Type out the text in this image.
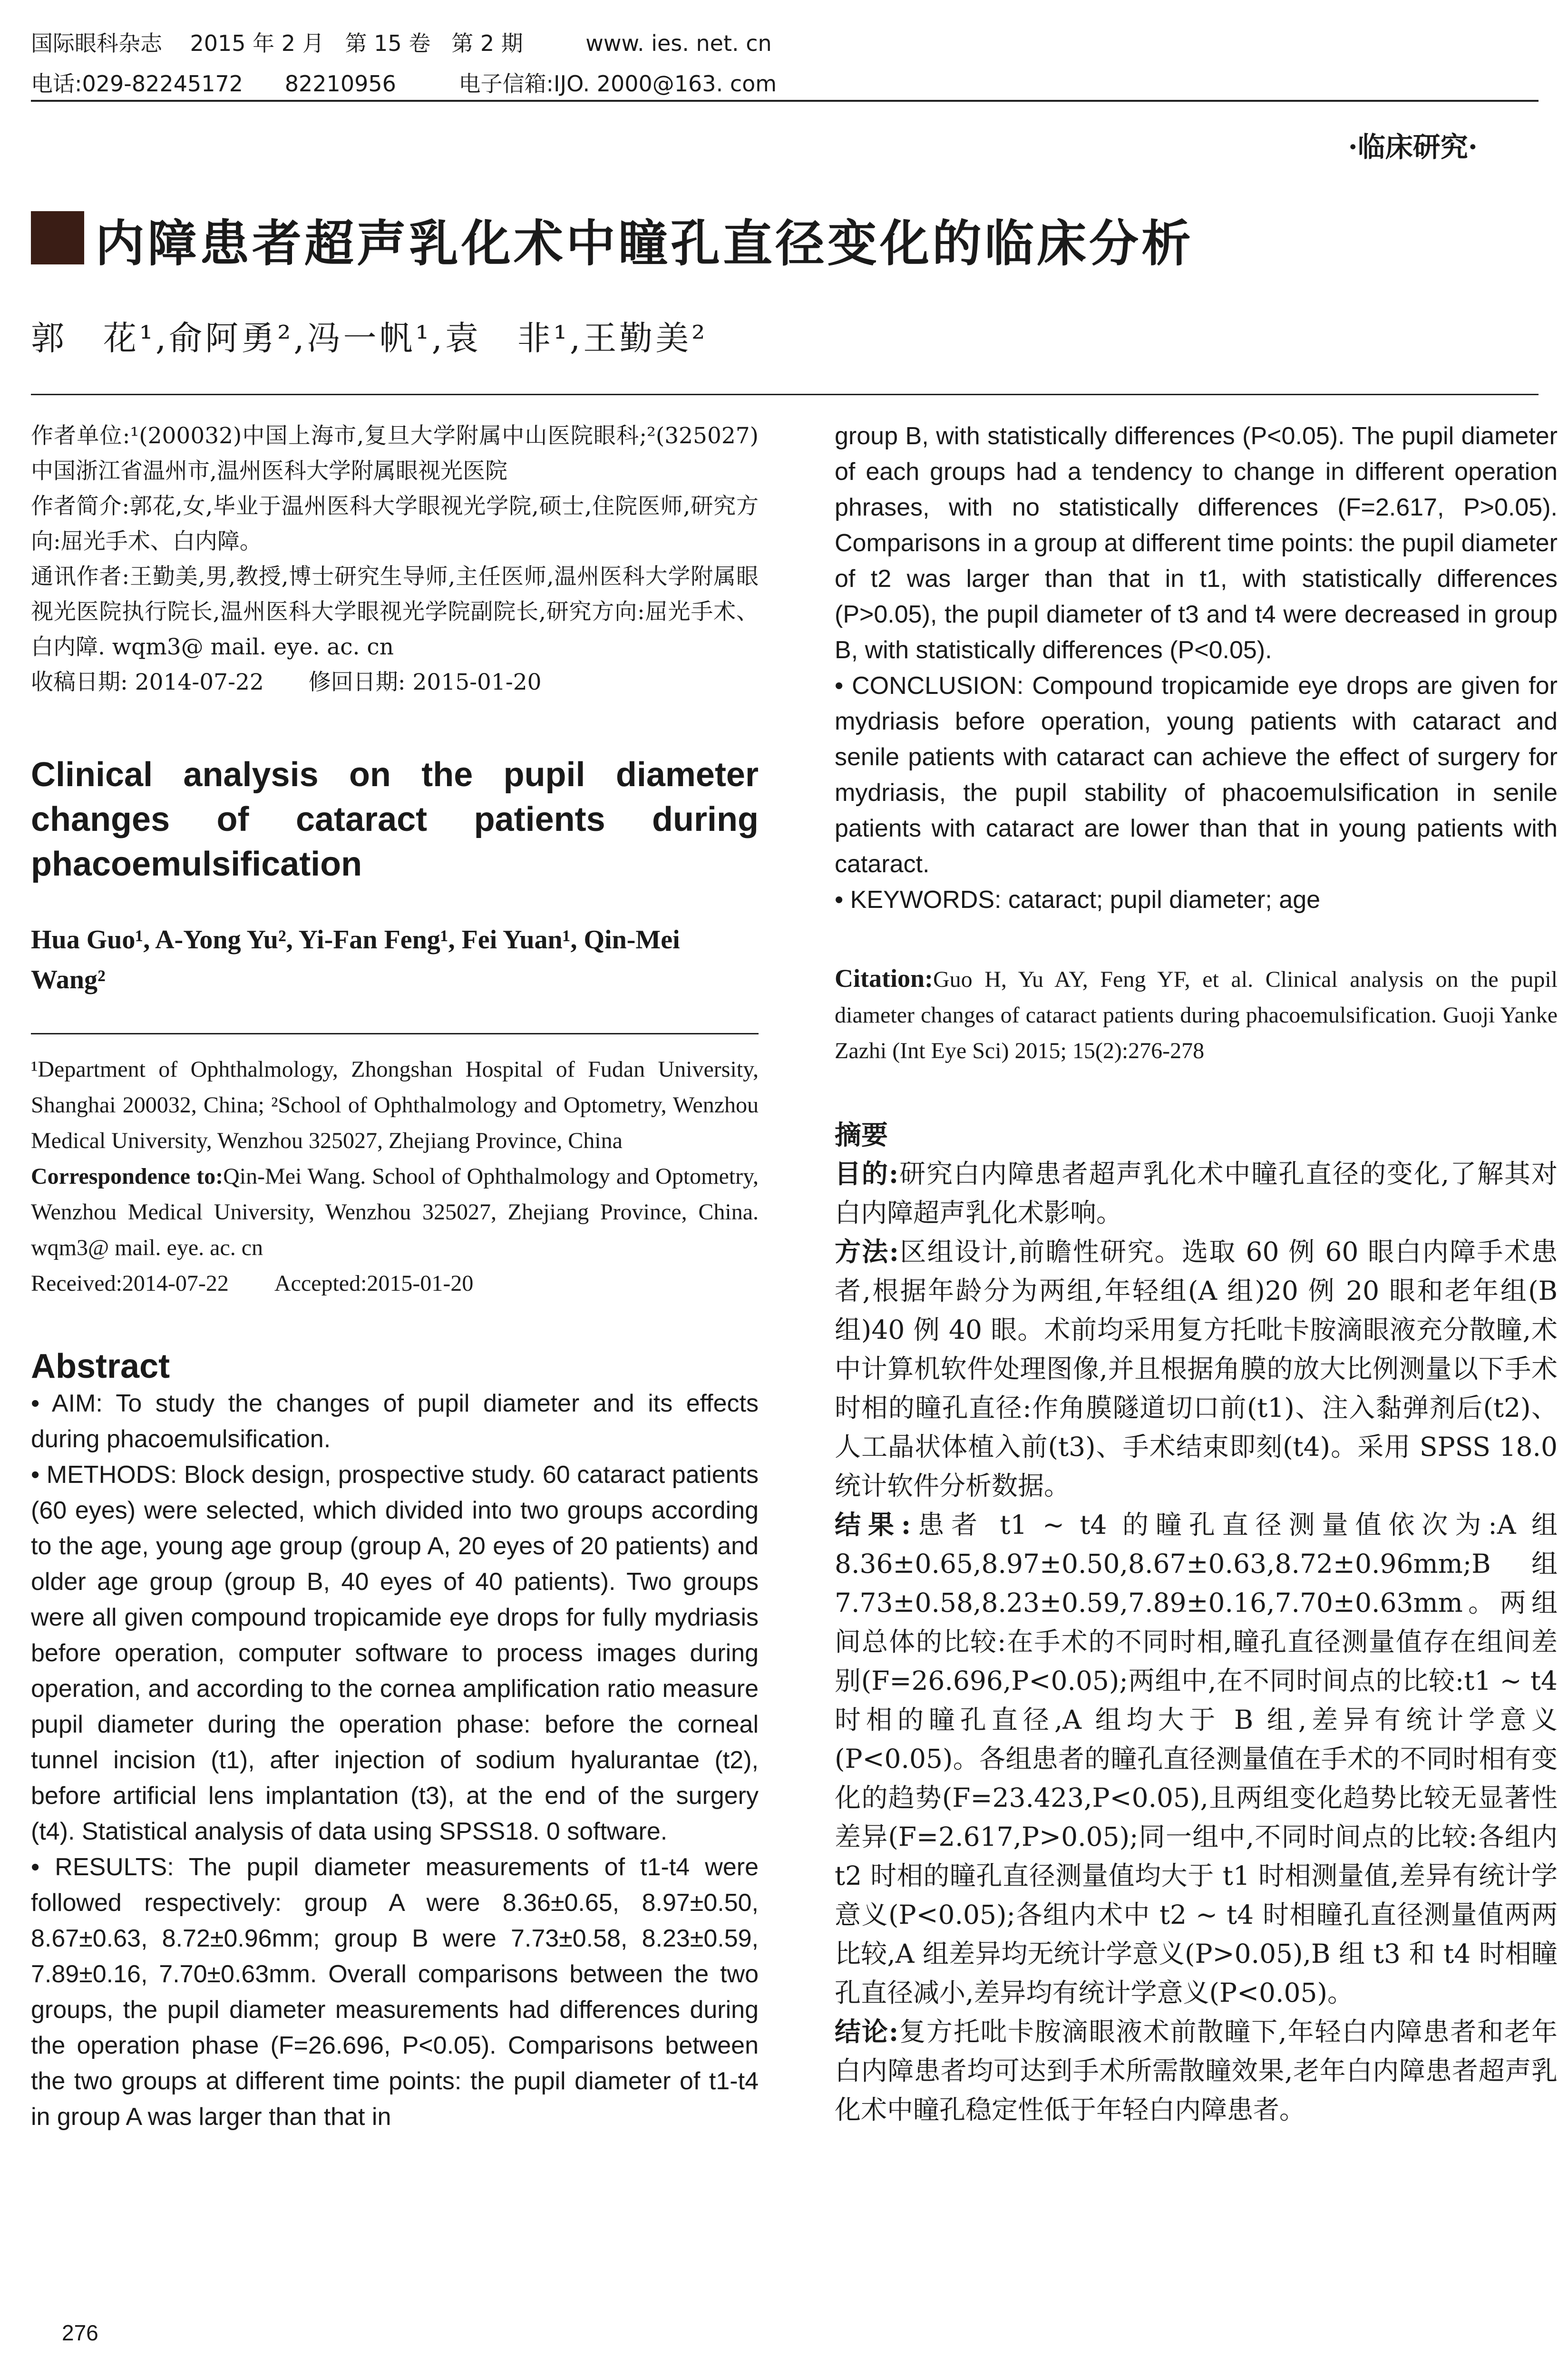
国际眼科杂志    2015 年 2 月   第 15 卷   第 2 期         www. ies. net. cn
电话:029-82245172      82210956         电子信箱:IJO. 2000@163. com
·临床研究·
白
内障患者超声乳化术中瞳孔直径变化的临床分析
郭　花¹,俞阿勇²,冯一帆¹,袁　非¹,王勤美²

作者单位:¹(200032)中国上海市,复旦大学附属中山医院眼科;²(325027)中国浙江省温州市,温州医科大学附属眼视光医院

作者简介:郭花,女,毕业于温州医科大学眼视光学院,硕士,住院医师,研究方向:屈光手术、白内障。

通讯作者:王勤美,男,教授,博士研究生导师,主任医师,温州医科大学附属眼视光医院执行院长,温州医科大学眼视光学院副院长,研究方向:屈光手术、白内障. wqm3@ mail. eye. ac. cn

收稿日期: 2014-07-22　　修回日期: 2015-01-20

Clinical analysis on the pupil diameter changes of cataract patients during phacoemulsification
Hua Guo¹, A-Yong Yu², Yi-Fan Feng¹, Fei Yuan¹, Qin-Mei Wang²

¹Department of Ophthalmology, Zhongshan Hospital of Fudan University, Shanghai 200032, China; ²School of Ophthalmology and Optometry, Wenzhou Medical University, Wenzhou 325027, Zhejiang Province, China

Correspondence to:Qin-Mei Wang. School of Ophthalmology and Optometry, Wenzhou Medical University, Wenzhou 325027, Zhejiang Province, China. wqm3@ mail. eye. ac. cn

Received:2014-07-22　　Accepted:2015-01-20

Abstract

• AIM: To study the changes of pupil diameter and its effects during phacoemulsification.

• METHODS: Block design, prospective study. 60 cataract patients (60 eyes) were selected, which divided into two groups according to the age, young age group (group A, 20 eyes of 20 patients) and older age group (group B, 40 eyes of 40 patients). Two groups were all given compound tropicamide eye drops for fully mydriasis before operation, computer software to process images during operation, and according to the cornea amplification ratio measure pupil diameter during the operation phase: before the corneal tunnel incision (t1), after injection of sodium hyalurantae (t2), before artificial lens implantation (t3), at the end of the surgery (t4). Statistical analysis of data using SPSS18. 0 software.

• RESULTS: The pupil diameter measurements of t1-t4 were followed respectively: group A were 8.36±0.65, 8.97±0.50, 8.67±0.63, 8.72±0.96mm; group B were 7.73±0.58, 8.23±0.59, 7.89±0.16, 7.70±0.63mm. Overall comparisons between the two groups, the pupil diameter measurements had differences during the operation phase (F=26.696, P<0.05). Comparisons between the two groups at different time points: the pupil diameter of t1-t4 in group A was larger than that in

group B, with statistically differences (P<0.05). The pupil diameter of each groups had a tendency to change in different operation phrases, with no statistically differences (F=2.617, P>0.05). Comparisons in a group at different time points: the pupil diameter of t2 was larger than that in t1, with statistically differences (P>0.05), the pupil diameter of t3 and t4 were decreased in group B, with statistically differences (P<0.05).

• CONCLUSION: Compound tropicamide eye drops are given for mydriasis before operation, young patients with cataract and senile patients with cataract can achieve the effect of surgery for mydriasis, the pupil stability of phacoemulsification in senile patients with cataract are lower than that in young patients with cataract.

• KEYWORDS: cataract; pupil diameter; age

Citation:Guo H, Yu AY, Feng YF, et al. Clinical analysis on the pupil diameter changes of cataract patients during phacoemulsification. Guoji Yanke Zazhi (Int Eye Sci) 2015; 15(2):276-278

摘要

目的:研究白内障患者超声乳化术中瞳孔直径的变化,了解其对白内障超声乳化术影响。

方法:区组设计,前瞻性研究。选取 60 例 60 眼白内障手术患者,根据年龄分为两组,年轻组(A 组)20 例 20 眼和老年组(B 组)40 例 40 眼。术前均采用复方托吡卡胺滴眼液充分散瞳,术中计算机软件处理图像,并且根据角膜的放大比例测量以下手术时相的瞳孔直径:作角膜隧道切口前(t1)、注入黏弹剂后(t2)、人工晶状体植入前(t3)、手术结束即刻(t4)。采用 SPSS 18.0 统计软件分析数据。

结果:患者 t1 ~ t4 的瞳孔直径测量值依次为:A 组 8.36±0.65,8.97±0.50,8.67±0.63,8.72±0.96mm;B 组 7.73±0.58,8.23±0.59,7.89±0.16,7.70±0.63mm。两组间总体的比较:在手术的不同时相,瞳孔直径测量值存在组间差别(F=26.696,P<0.05);两组中,在不同时间点的比较:t1 ~ t4 时相的瞳孔直径,A 组均大于 B 组,差异有统计学意义(P<0.05)。各组患者的瞳孔直径测量值在手术的不同时相有变化的趋势(F=23.423,P<0.05),且两组变化趋势比较无显著性差异(F=2.617,P>0.05);同一组中,不同时间点的比较:各组内 t2 时相的瞳孔直径测量值均大于 t1 时相测量值,差异有统计学意义(P<0.05);各组内术中 t2 ~ t4 时相瞳孔直径测量值两两比较,A 组差异均无统计学意义(P>0.05),B 组 t3 和 t4 时相瞳孔直径减小,差异均有统计学意义(P<0.05)。

结论:复方托吡卡胺滴眼液术前散瞳下,年轻白内障患者和老年白内障患者均可达到手术所需散瞳效果,老年白内障患者超声乳化术中瞳孔稳定性低于年轻白内障患者。

276
